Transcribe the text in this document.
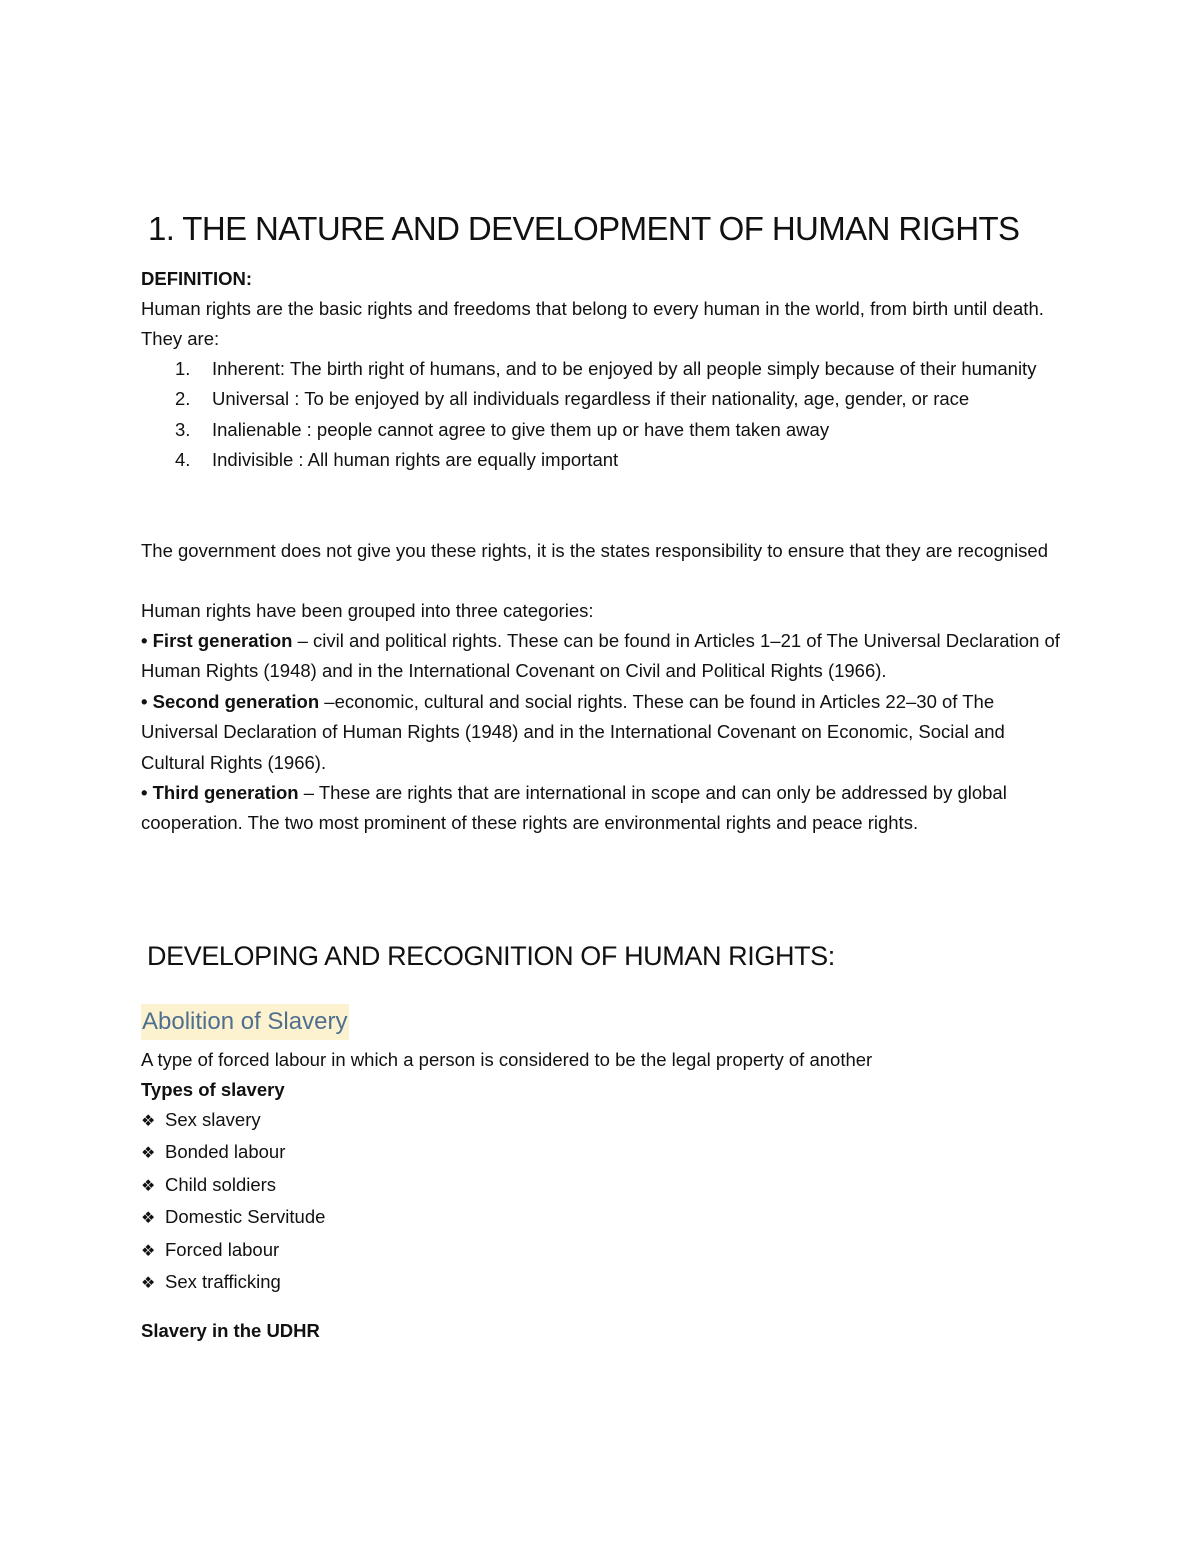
1. THE NATURE AND DEVELOPMENT OF HUMAN RIGHTS
DEFINITION:
Human rights are the basic rights and freedoms that belong to every human in the world, from birth until death. They are:
1. Inherent: The birth right of humans, and to be enjoyed by all people simply because of their humanity
2. Universal : To be enjoyed by all individuals regardless if their nationality, age, gender, or race
3. Inalienable : people cannot agree to give them up or have them taken away
4. Indivisible : All human rights are equally important
The government does not give you these rights, it is the states responsibility to ensure that they are recognised
Human rights have been grouped into three categories:

• First generation – civil and political rights. These can be found in Articles 1–21 of The Universal Declaration of Human Rights (1948) and in the International Covenant on Civil and Political Rights (1966).

• Second generation –economic, cultural and social rights. These can be found in Articles 22–30 of The Universal Declaration of Human Rights (1948) and in the International Covenant on Economic, Social and Cultural Rights (1966).

• Third generation – These are rights that are international in scope and can only be addressed by global cooperation. The two most prominent of these rights are environmental rights and peace rights.

DEVELOPING AND RECOGNITION OF HUMAN RIGHTS:
Abolition of Slavery
A type of forced labour in which a person is considered to be the legal property of another
Types of slavery
❖ Sex slavery
❖ Bonded labour
❖ Child soldiers
❖ Domestic Servitude
❖ Forced labour
❖ Sex trafficking
Slavery in the UDHR
